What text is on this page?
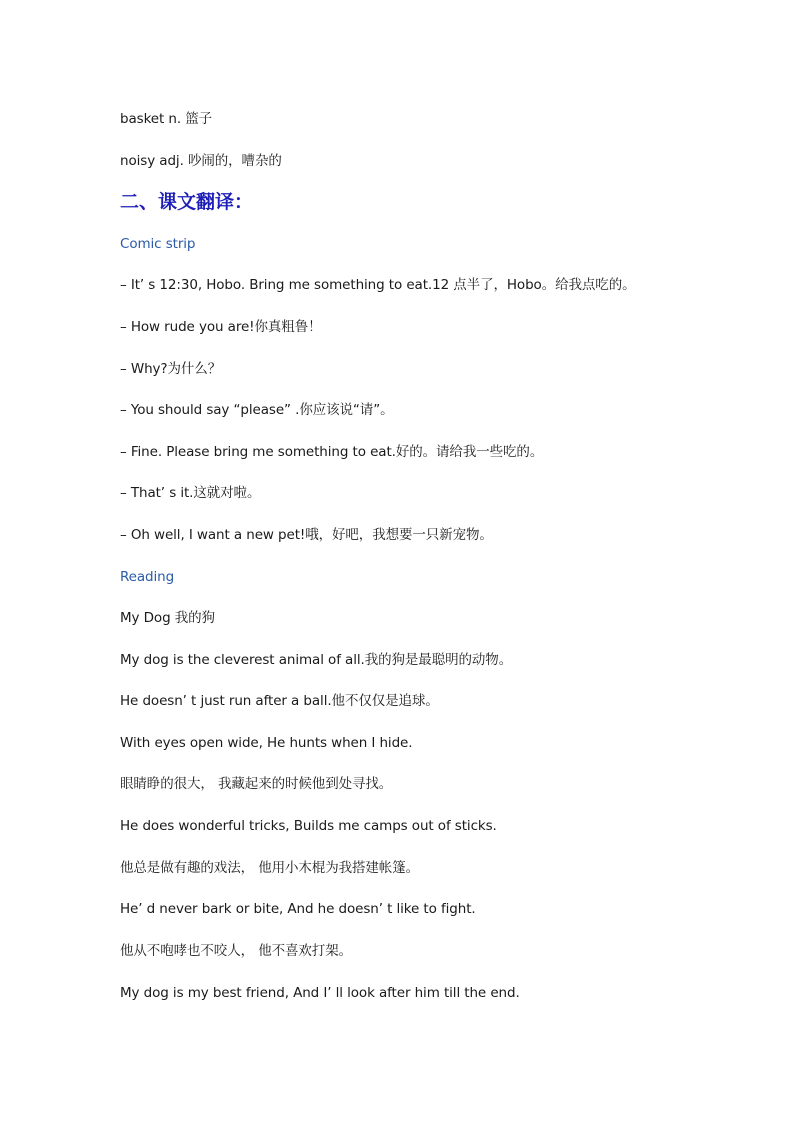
basket n. 篮子
noisy adj. 吵闹的，嘈杂的
二、课文翻译：
Comic strip
– It’ s 12:30, Hobo. Bring me something to eat.12 点半了，Hobo。给我点吃的。
– How rude you are!你真粗鲁！
– Why?为什么？
– You should say “please” .你应该说“请”。
– Fine. Please bring me something to eat.好的。请给我一些吃的。
– That’ s it.这就对啦。
– Oh well, I want a new pet!哦，好吧，我想要一只新宠物。
Reading
My Dog 我的狗
My dog is the cleverest animal of all.我的狗是最聪明的动物。
He doesn’ t just run after a ball.他不仅仅是追球。
With eyes open wide, He hunts when I hide.
眼睛睁的很大， 我藏起来的时候他到处寻找。
He does wonderful tricks, Builds me camps out of sticks.
他总是做有趣的戏法， 他用小木棍为我搭建帐篷。
He’ d never bark or bite, And he doesn’ t like to fight.
他从不咆哮也不咬人， 他不喜欢打架。
My dog is my best friend, And I’ ll look after him till the end.
